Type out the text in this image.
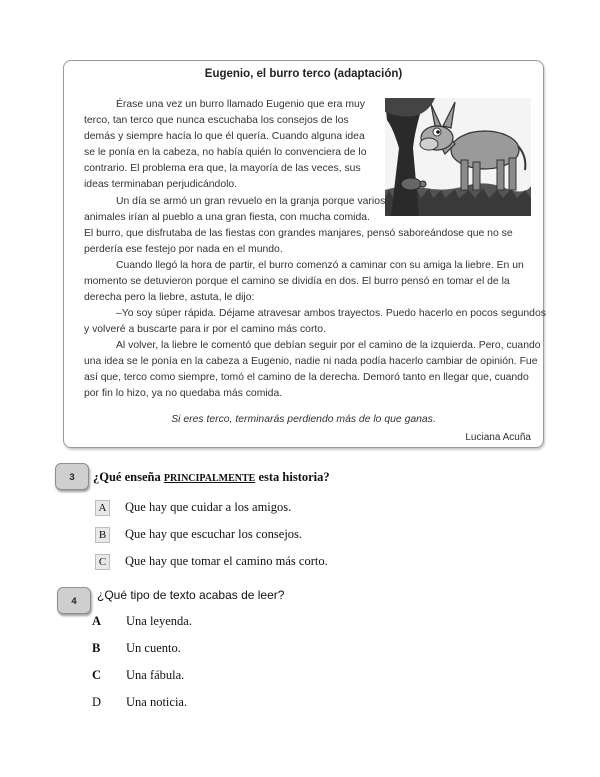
Eugenio, el burro terco (adaptación)
Érase una vez un burro llamado Eugenio que era muy
terco, tan terco que nunca escuchaba los consejos de los
demás y siempre hacía lo que él quería. Cuando alguna idea
se le ponía en la cabeza, no había quién lo convenciera de lo
contrario. El problema era que, la mayoría de las veces, sus
ideas terminaban perjudicándolo.
Un día se armó un gran revuelo en la granja porque varios
animales irían al pueblo a una gran fiesta, con mucha comida.
El burro, que disfrutaba de las fiestas con grandes manjares, pensó saboreándose que no se
perdería ese festejo por nada en el mundo.
Cuando llegó la hora de partir, el burro comenzó a caminar con su amiga la liebre. En un
momento se detuvieron porque el camino se dividía en dos. El burro pensó en tomar el de la
derecha pero la liebre, astuta, le dijo:
–Yo soy súper rápida. Déjame atravesar ambos trayectos. Puedo hacerlo en pocos segundos
y volveré a buscarte para ir por el camino más corto.
Al volver, la liebre le comentó que debían seguir por el camino de la izquierda. Pero, cuando
una idea se le ponía en la cabeza a Eugenio, nadie ni nada podía hacerlo cambiar de opinión. Fue
así que, terco como siempre, tomó el camino de la derecha. Demoró tanto en llegar que, cuando
por fin lo hizo, ya no quedaba más comida.
Si eres terco, terminarás perdiendo más de lo que ganas.
Luciana Acuña
3	¿Qué enseña PRINCIPALMENTE esta historia?
A Que hay que cuidar a los amigos.
B Que hay que escuchar los consejos.
C Que hay que tomar el camino más corto.
4	¿Qué tipo de texto acabas de leer?
A Una leyenda.
B Un cuento.
C Una fábula.
D Una noticia.
